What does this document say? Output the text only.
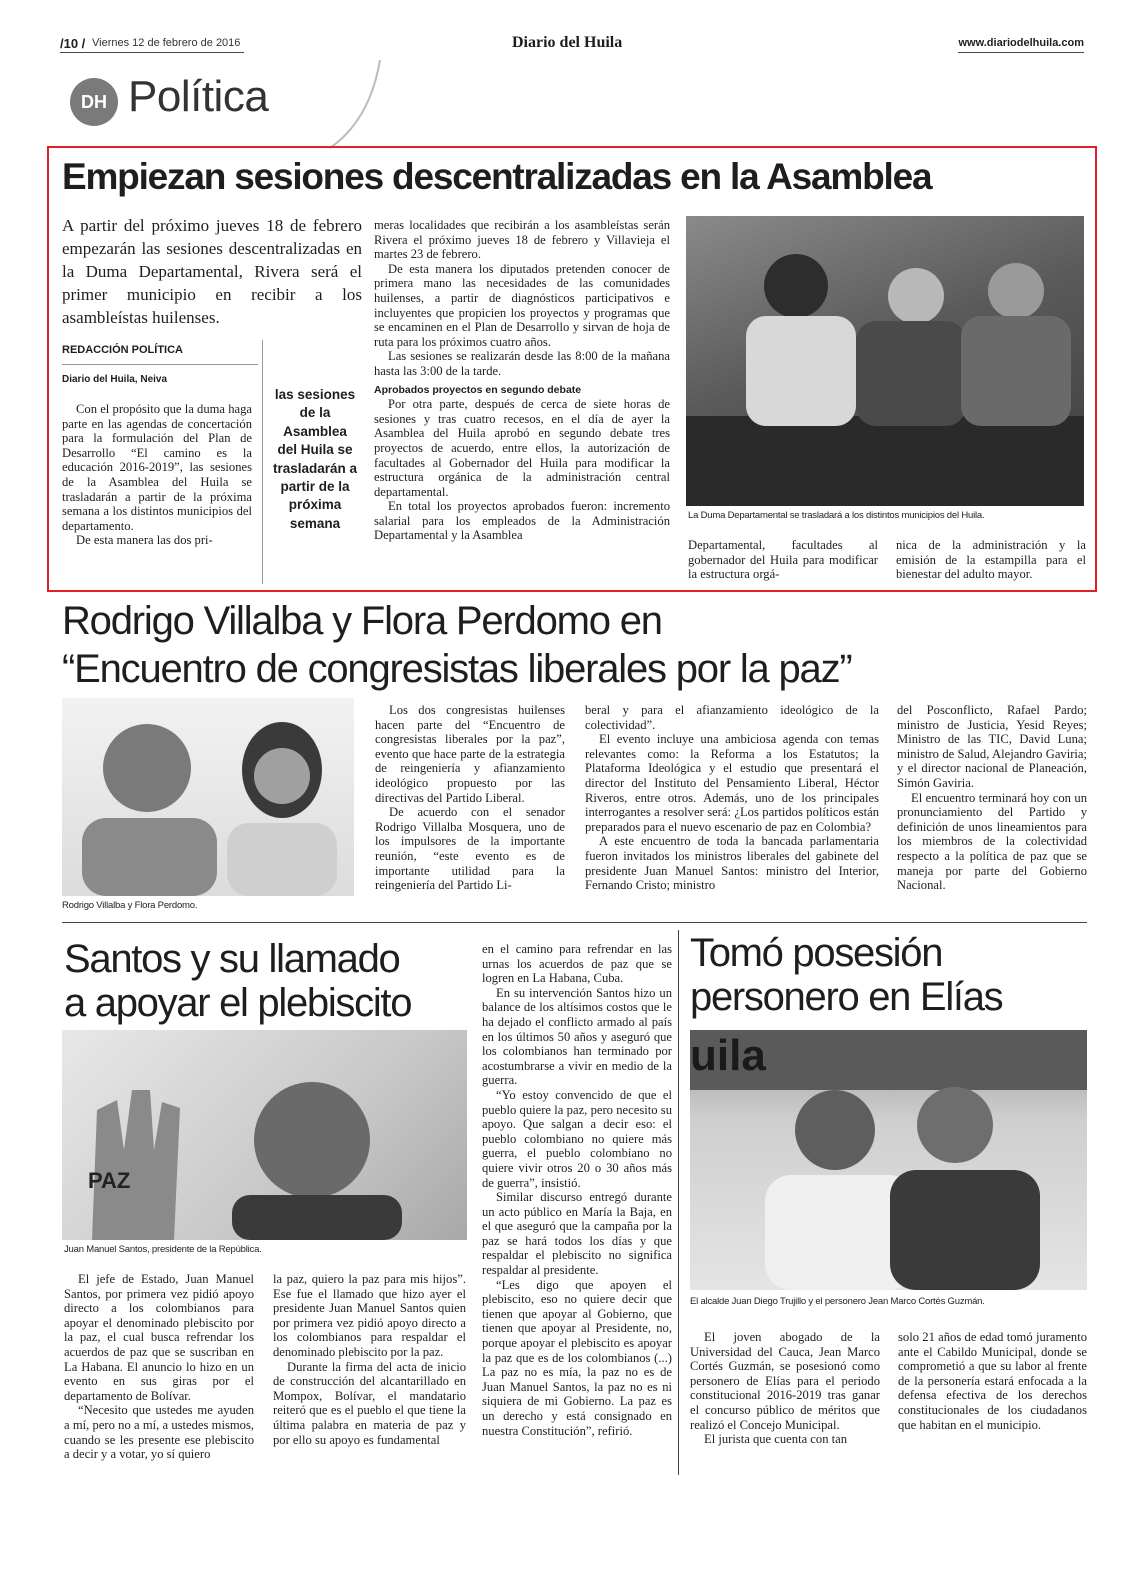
/10 / Viernes 12 de febrero de 2016	Diario del Huila	www.diariodelhuila.com
DH Política
Empiezan sesiones descentralizadas en la Asamblea
A partir del próximo jueves 18 de febrero empezarán las sesiones descentralizadas en la Duma Departamental, Rivera será el primer municipio en recibir a los asambleístas huilenses.
REDACCIÓN POLÍTICA
Diario del Huila, Neiva

Con el propósito que la duma haga parte en las agendas de concertación para la formulación del Plan de Desarrollo “El camino es la educación 2016-2019”, las sesiones de la Asamblea del Huila se trasladarán a partir de la próxima semana a los distintos municipios del departamento.

De esta manera las dos pri-

las sesiones de la Asamblea del Huila se trasladarán a partir de la próxima semana

meras localidades que recibirán a los asambleístas serán Rivera el próximo jueves 18 de febrero y Villavieja el martes 23 de febrero.

De esta manera los diputados pretenden conocer de primera mano las necesidades de las comunidades huilenses, a partir de diagnósticos participativos e incluyentes que propicien los proyectos y programas que se encaminen en el Plan de Desarrollo y sirvan de hoja de ruta para los próximos cuatro años.

Las sesiones se realizarán desde las 8:00 de la mañana hasta las 3:00 de la tarde.

Aprobados proyectos en segundo debate

Por otra parte, después de cerca de siete horas de sesiones y tras cuatro recesos, en el día de ayer la Asamblea del Huila aprobó en segundo debate tres proyectos de acuerdo, entre ellos, la autorización de facultades al Gobernador del Huila para modificar la estructura orgánica de la administración central departamental.

En total los proyectos aprobados fueron: incremento salarial para los empleados de la Administración Departamental y la Asamblea

La Duma Departamental se trasladará a los distintos municipios del Huila.

Departamental, facultades al gobernador del Huila para modificar la estructura orgá-

nica de la administración y la emisión de la estampilla para el bienestar del adulto mayor.

Rodrigo Villalba y Flora Perdomo en
“Encuentro de congresistas liberales por la paz”
Rodrigo Villalba y Flora Perdomo.

Los dos congresistas huilenses hacen parte del “Encuentro de congresistas liberales por la paz”, evento que hace parte de la estrategia de reingeniería y afianzamiento ideológico propuesto por las directivas del Partido Liberal.

De acuerdo con el senador Rodrigo Villalba Mosquera, uno de los impulsores de la importante reunión, “este evento es de importante utilidad para la reingeniería del Partido Li-

beral y para el afianzamiento ideológico de la colectividad”.

El evento incluye una ambiciosa agenda con temas relevantes como: la Reforma a los Estatutos; la Plataforma Ideológica y el estudio que presentará el director del Instituto del Pensamiento Liberal, Héctor Riveros, entre otros. Además, uno de los principales interrogantes a resolver será: ¿Los partidos políticos están preparados para el nuevo escenario de paz en Colombia?

A este encuentro de toda la bancada parlamentaria fueron invitados los ministros liberales del gabinete del presidente Juan Manuel Santos: ministro del Interior, Fernando Cristo; ministro

del Posconflicto, Rafael Pardo; ministro de Justicia, Yesid Reyes; Ministro de las TIC, David Luna; ministro de Salud, Alejandro Gaviria; y el director nacional de Planeación, Simón Gaviria.

El encuentro terminará hoy con un pronunciamiento del Partido y definición de unos lineamientos para los miembros de la colectividad respecto a la política de paz que se maneja por parte del Gobierno Nacional.

Santos y su llamado
a apoyar el plebiscito
PAZ
Juan Manuel Santos, presidente de la República.

El jefe de Estado, Juan Manuel Santos, por primera vez pidió apoyo directo a los colombianos para apoyar el denominado plebiscito por la paz, el cual busca refrendar los acuerdos de paz que se suscriban en La Habana. El anuncio lo hizo en un evento en sus giras por el departamento de Bolívar.

“Necesito que ustedes me ayuden a mí, pero no a mí, a ustedes mismos, cuando se les presente ese plebiscito a decir y a votar, yo sí quiero

la paz, quiero la paz para mis hijos”. Ese fue el llamado que hizo ayer el presidente Juan Manuel Santos quien por primera vez pidió apoyo directo a los colombianos para respaldar el denominado plebiscito por la paz.

Durante la firma del acta de inicio de construcción del alcantarillado en Mompox, Bolívar, el mandatario reiteró que es el pueblo el que tiene la última palabra en materia de paz y por ello su apoyo es fundamental

en el camino para refrendar en las urnas los acuerdos de paz que se logren en La Habana, Cuba.

En su intervención Santos hizo un balance de los altísimos costos que le ha dejado el conflicto armado al país en los últimos 50 años y aseguró que los colombianos han terminado por acostumbrarse a vivir en medio de la guerra.

“Yo estoy convencido de que el pueblo quiere la paz, pero necesito su apoyo. Que salgan a decir eso: el pueblo colombiano no quiere más guerra, el pueblo colombiano no quiere vivir otros 20 o 30 años más de guerra”, insistió.

Similar discurso entregó durante un acto público en María la Baja, en el que aseguró que la campaña por la paz se hará todos los días y que respaldar el plebiscito no significa respaldar al presidente.

“Les digo que apoyen el plebiscito, eso no quiere decir que tienen que apoyar al Gobierno, que tienen que apoyar al Presidente, no, porque apoyar el plebiscito es apoyar la paz que es de los colombianos (...) La paz no es mía, la paz no es de Juan Manuel Santos, la paz no es ni siquiera de mi Gobierno. La paz es un derecho y está consignado en nuestra Constitución”, refirió.

Tomó posesión
personero en Elías
uila
El alcalde Juan Diego Trujillo y el personero Jean Marco Cortés Guzmán.

El joven abogado de la Universidad del Cauca, Jean Marco Cortés Guzmán, se posesionó como personero de Elías para el periodo constitucional 2016-2019 tras ganar el concurso público de méritos que realizó el Concejo Municipal.

El jurista que cuenta con tan

solo 21 años de edad tomó juramento ante el Cabildo Municipal, donde se comprometió a que su labor al frente de la personería estará enfocada a la defensa efectiva de los derechos constitucionales de los ciudadanos que habitan en el municipio.
